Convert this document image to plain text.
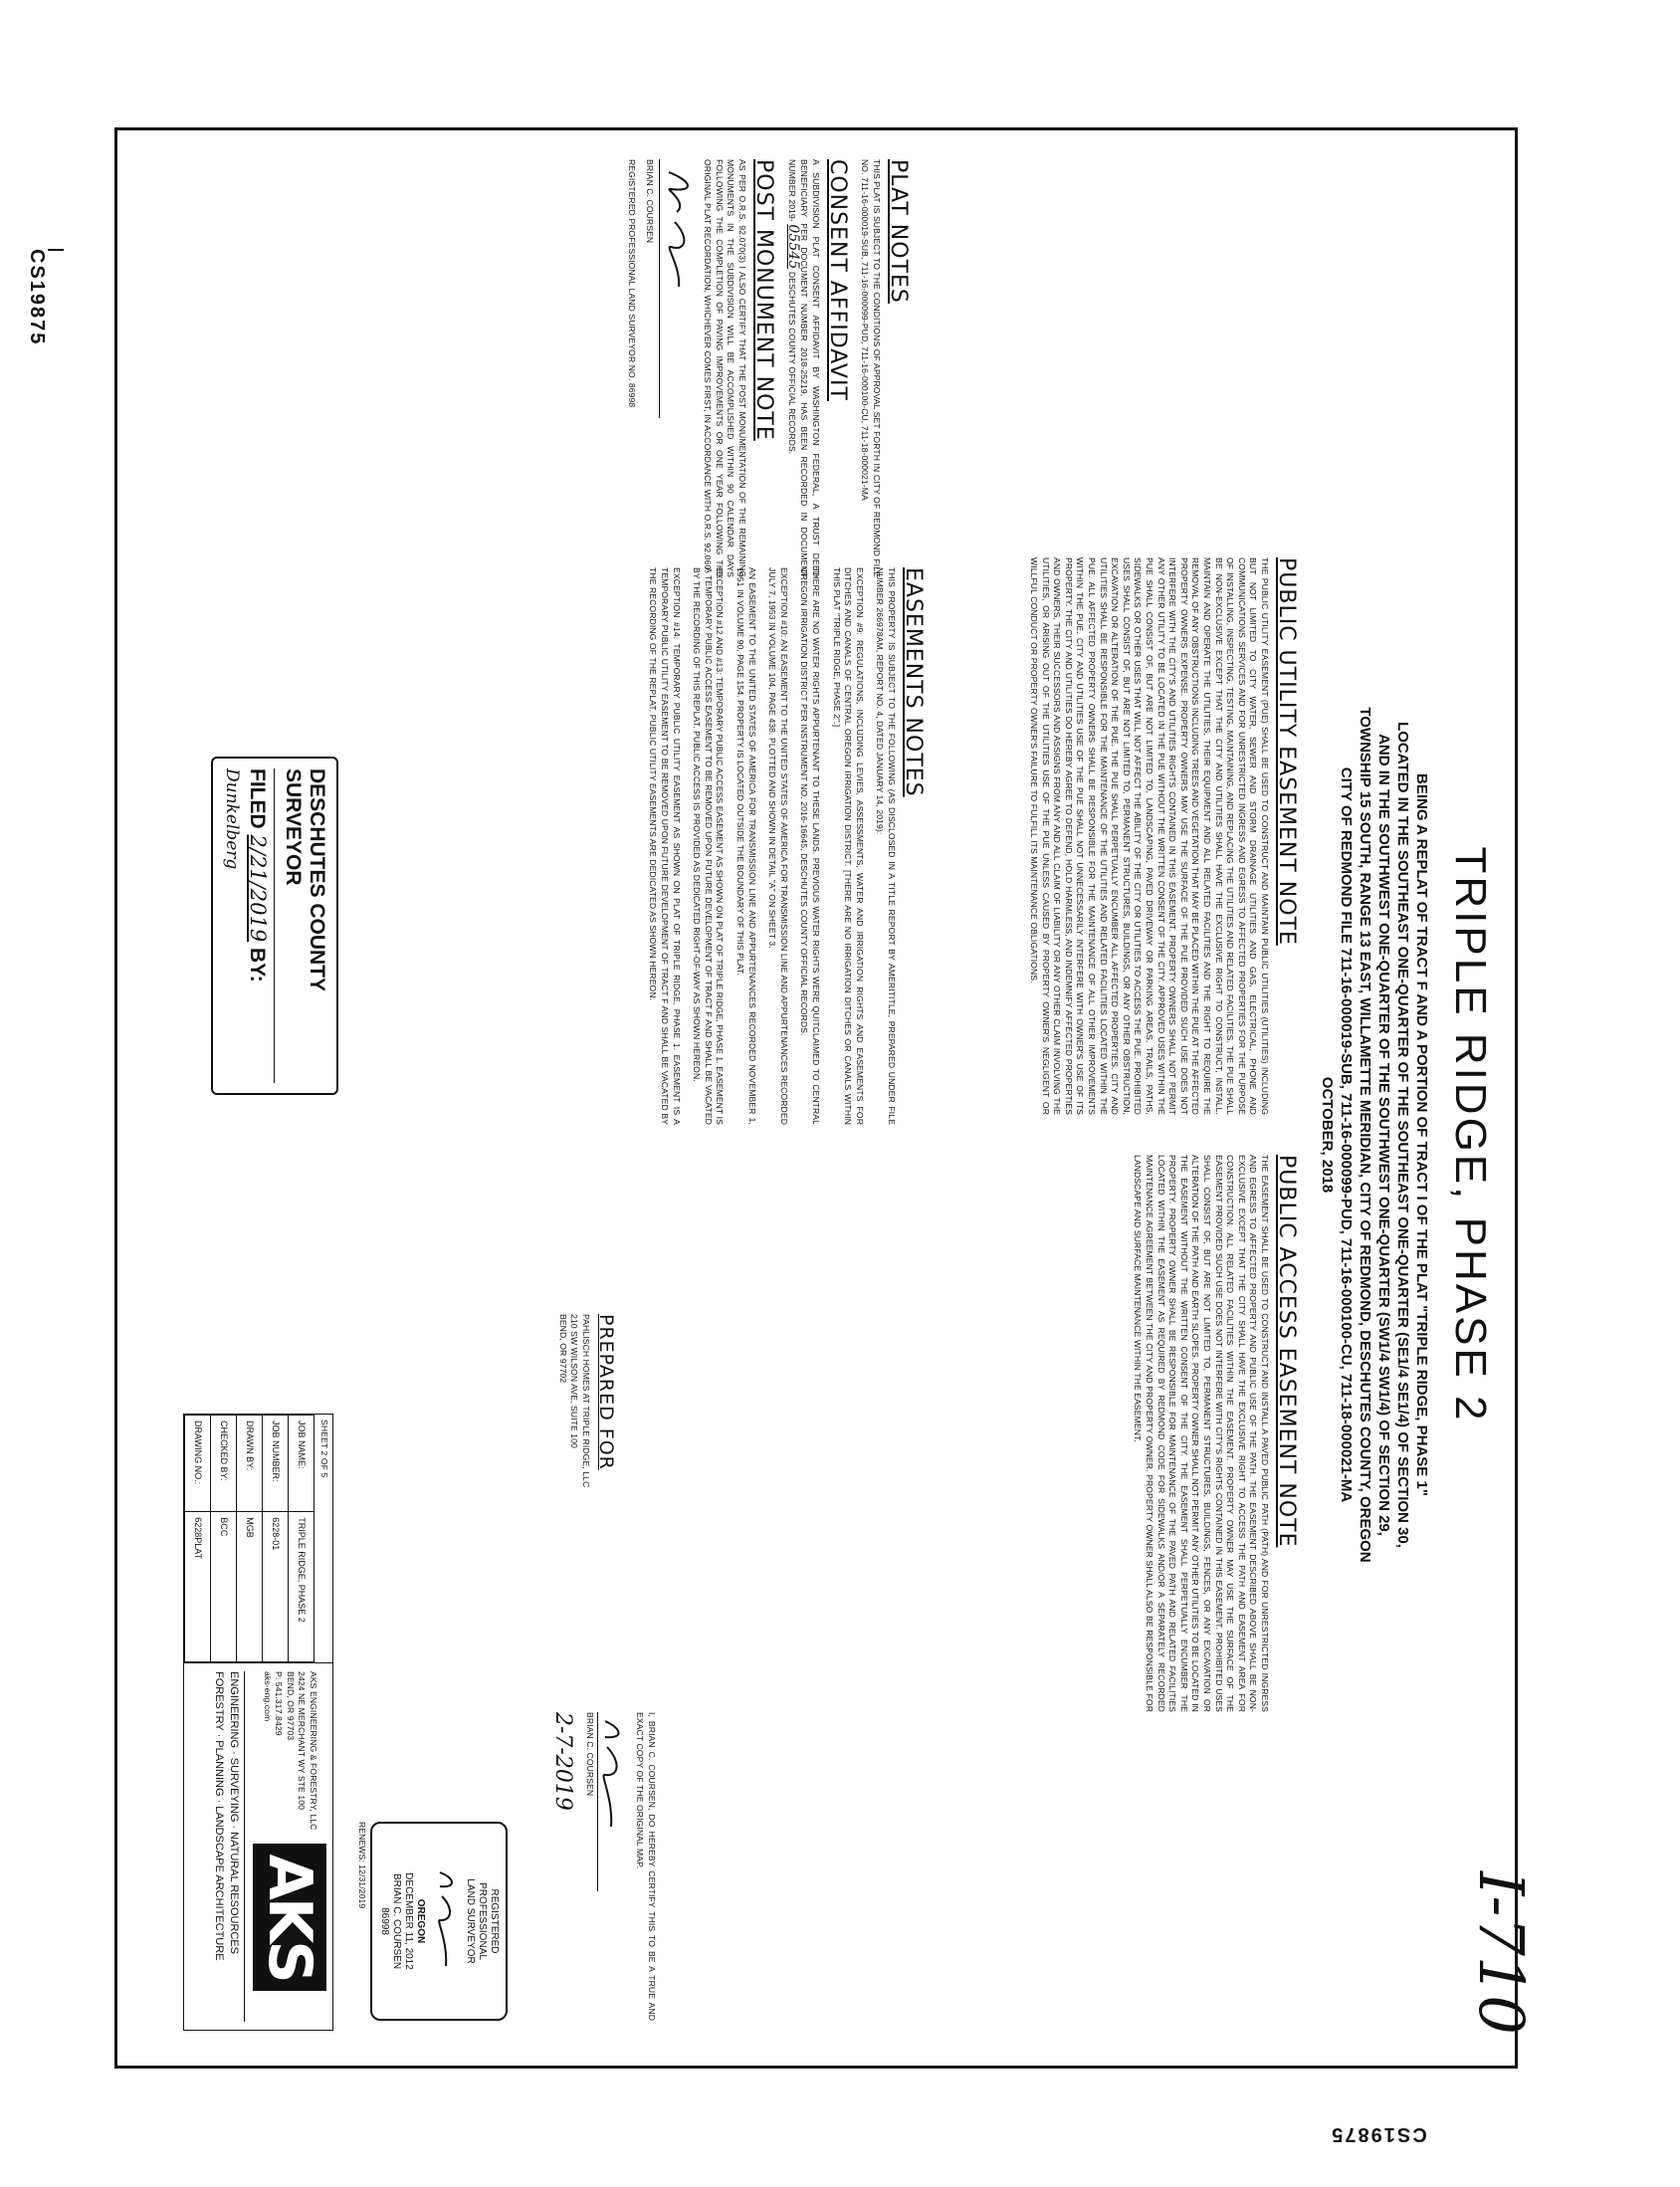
CS19875
I-710
CS19875
TRIPLE RIDGE, PHASE 2
BEING A REPLAT OF TRACT F AND A PORTION OF TRACT I OF THE PLAT "TRIPLE RIDGE, PHASE 1"
LOCATED IN THE SOUTHEAST ONE-QUARTER OF THE SOUTHEAST ONE-QUARTER (SE1/4 SE1/4) OF SECTION 30,
AND IN THE SOUTHWEST ONE-QUARTER OF THE SOUTHWEST ONE-QUARTER (SW1/4 SW1/4) OF SECTION 29,
TOWNSHIP 15 SOUTH, RANGE 13 EAST, WILLAMETTE MERIDIAN, CITY OF REDMOND, DESCHUTES COUNTY, OREGON
CITY OF REDMOND FILE 711-16-000019-SUB, 711-16-000099-PUD, 711-16-000100-CU, 711-18-000021-MA
OCTOBER, 2018
PLAT NOTES

THIS PLAT IS SUBJECT TO THE CONDITIONS OF APPROVAL SET FORTH IN CITY OF REDMOND FILE NO. 711-16-000019-SUB, 711-16-000099-PUD, 711-16-000100-CU, 711-18-000021-MA

CONSENT AFFIDAVIT

A SUBDIVISION PLAT CONSENT AFFIDAVIT BY WASHINGTON FEDERAL, A TRUST DEED BENEFICIARY PER DOCUMENT NUMBER 2018-25219, HAS BEEN RECORDED IN DOCUMENT NUMBER 2019- 05545 DESCHUTES COUNTY OFFICIAL RECORDS.

POST MONUMENT NOTE

AS PER O.R.S. 92.070(3) I ALSO CERTIFY THAT THE POST MONUMENTATION OF THE REMAINING MONUMENTS IN THE SUBDIVISION WILL BE ACCOMPLISHED WITHIN 90 CALENDAR DAYS FOLLOWING THE COMPLETION OF PAVING IMPROVEMENTS OR ONE YEAR FOLLOWING THE ORIGINAL PLAT RECORDATION, WHICHEVER COMES FIRST, IN ACCORDANCE WITH O.R.S. 92.060.

BRIAN C. COURSEN
REGISTERED PROFESSIONAL LAND SURVEYOR NO. 86998
PUBLIC UTILITY EASEMENT NOTE

THE PUBLIC UTILITY EASEMENT (PUE) SHALL BE USED TO CONSTRUCT AND MAINTAIN PUBLIC UTILITIES (UTILITIES) INCLUDING BUT NOT LIMITED TO CITY WATER, SEWER AND STORM DRAINAGE UTILITIES AND GAS, ELECTRICAL, PHONE AND COMMUNICATIONS SERVICES AND FOR UNRESTRICTED INGRESS AND EGRESS TO AFFECTED PROPERTIES FOR THE PURPOSE OF INSTALLING, INSPECTING, TESTING, MAINTAINING, AND REPLACING THE UTILITIES AND RELATED FACILITIES. THE PUE SHALL BE NON-EXCLUSIVE EXCEPT THAT THE CITY AND UTILITIES SHALL HAVE THE EXCLUSIVE RIGHT TO CONSTRUCT, INSTALL, MAINTAIN AND OPERATE THE UTILITIES, THEIR EQUIPMENT AND ALL RELATED FACILITIES AND THE RIGHT TO REQUIRE THE REMOVAL OF ANY OBSTRUCTIONS INCLUDING TREES AND VEGETATION THAT MAY BE PLACED WITHIN THE PUE AT THE AFFECTED PROPERTY OWNERS EXPENSE. PROPERTY OWNERS MAY USE THE SURFACE OF THE PUE PROVIDED SUCH USE DOES NOT INTERFERE WITH THE CITY'S AND UTILITIES RIGHTS CONTAINED IN THIS EASEMENT. PROPERTY OWNERS SHALL NOT PERMIT ANY OTHER UTILITY TO BE LOCATED IN THE PUE WITHOUT THE WRITTEN CONSENT OF THE CITY. APPROVED USES WITHIN THE PUE SHALL CONSIST OF, BUT ARE NOT LIMITED TO, LANDSCAPING, PAVED DRIVEWAY OR PARKING AREAS, TRAILS, PATHS, SIDEWALKS OR OTHER USES THAT WILL NOT AFFECT THE ABILITY OF THE CITY OR UTILITIES TO ACCESS THE PUE. PROHIBITED USES SHALL CONSIST OF, BUT ARE NOT LIMITED TO, PERMANENT STRUCTURES, BUILDINGS, OR ANY OTHER OBSTRUCTION, EXCAVATION OR ALTERATION OF THE PUE. THE PUE SHALL PERPETUALLY ENCUMBER ALL AFFECTED PROPERTIES. CITY AND UTILITIES SHALL BE RESPONSIBLE FOR THE MAINTENANCE OF THE UTILITIES AND RELATED FACILITIES LOCATED WITHIN THE PUE. ALL AFFECTED PROPERTY OWNERS SHALL BE RESPONSIBLE FOR THE MAINTENANCE OF ALL OTHER IMPROVEMENTS WITHIN THE PUE. CITY AND UTILITIES USE OF THE PUE SHALL NOT UNNECESSARILY INTERFERE WITH OWNER'S USE OF ITS PROPERTY. THE CITY AND UTILITIES DO HEREBY AGREE TO DEFEND, HOLD HARMLESS, AND INDEMNIFY AFFECTED PROPERTIES AND OWNERS, THEIR SUCCESSORS AND ASSIGNS FROM ANY AND ALL CLAIM OF LIABILITY OR ANY OTHER CLAIM INVOLVING THE UTILITIES, OR ARISING OUT OF THE UTILITIES USE OF THE PUE UNLESS CAUSED BY PROPERTY OWNER'S NEGLIGENT OR WILLFUL CONDUCT OR PROPERTY OWNER'S FAILURE TO FULFILL ITS MAINTENANCE OBLIGATIONS.

PUBLIC ACCESS EASEMENT NOTE

THE EASEMENT SHALL BE USED TO CONSTRUCT AND INSTALL A PAVED PUBLIC PATH (PATH) AND FOR UNRESTRICTED INGRESS AND EGRESS TO AFFECTED PROPERTY AND PUBLIC USE OF THE PATH. THE EASEMENT DESCRIBED ABOVE SHALL BE NON-EXCLUSIVE EXCEPT THAT THE CITY SHALL HAVE THE EXCLUSIVE RIGHT TO ACCESS THE PATH AND EASEMENT AREA FOR CONSTRUCTION. ALL RELATED FACILITIES WITHIN THE EASEMENT. PROPERTY OWNER MAY USE THE SURFACE OF THE EASEMENT PROVIDED SUCH USE DOES NOT INTERFERE WITH CITY'S RIGHTS CONTAINED IN THIS EASEMENT. PROHIBITED USES SHALL CONSIST OF, BUT ARE NOT LIMITED TO, PERMANENT STRUCTURES, BUILDINGS, FENCES, OR ANY EXCAVATION OR ALTERATION OF THE PATH AND EARTH SLOPES. PROPERTY OWNER SHALL NOT PERMIT ANY OTHER UTILITIES TO BE LOCATED IN THE EASEMENT WITHOUT THE WRITTEN CONSENT OF THE CITY. THE EASEMENT SHALL PERPETUALLY ENCUMBER THE PROPERTY. PROPERTY OWNER SHALL BE RESPONSIBLE FOR MAINTENANCE OF THE PAVED PATH AND RELATED FACILITIES LOCATED WITHIN THE EASEMENT AS REQUIRED BY REDMOND CODE FOR SIDEWALKS AND/OR A SEPARATELY RECORDED MAINTENANCE AGREEMENT BETWEEN THE CITY AND PROPERTY OWNER. PROPERTY OWNER SHALL ALSO BE RESPONSIBLE FOR LANDSCAPE AND SURFACE MAINTENANCE WITHIN THE EASEMENT.

EASEMENTS NOTES

THIS PROPERTY IS SUBJECT TO THE FOLLOWING (AS DISCLOSED IN A TITLE REPORT BY AMERITITLE, PREPARED UNDER FILE NUMBER 266978AM, REPORT NO. 4, DATED JANUARY 14, 2019):

EXCEPTION #9: REGULATIONS, INCLUDING LEVIES, ASSESSMENTS, WATER AND IRRIGATION RIGHTS AND EASEMENTS FOR DITCHES AND CANALS OF CENTRAL OREGON IRRIGATION DISTRICT. [THERE ARE NO IRRIGATION DITCHES OR CANALS WITHIN THIS PLAT "TRIPLE RIDGE, PHASE 2".]

THERE ARE NO WATER RIGHTS APPURTENANT TO THESE LANDS. PREVIOUS WATER RIGHTS WERE QUITCLAIMED TO CENTRAL OREGON IRRIGATION DISTRICT PER INSTRUMENT NO. 2016-16645, DESCHUTES COUNTY OFFICIAL RECORDS.

EXCEPTION #10: AN EASEMENT TO THE UNITED STATES OF AMERICA FOR TRANSMISSION LINE AND APPURTENANCES RECORDED JULY 7, 1953 IN VOLUME 104, PAGE 438. PLOTTED AND SHOWN IN DETAIL "A" ON SHEET 3.

AN EASEMENT TO THE UNITED STATES OF AMERICA FOR TRANSMISSION LINE AND APPURTENANCES RECORDED NOVEMBER 1, 1951 IN VOLUME 90, PAGE 154. PROPERTY IS LOCATED OUTSIDE THE BOUNDARY OF THIS PLAT.

EXCEPTION #12 AND #13: TEMPORARY PUBLIC ACCESS EASEMENT AS SHOWN ON PLAT OF TRIPLE RIDGE, PHASE 1. EASEMENT IS A TEMPORARY PUBLIC ACCESS EASEMENT TO BE REMOVED UPON FUTURE DEVELOPMENT OF TRACT F AND SHALL BE VACATED BY THE RECORDING OF THIS REPLAT. PUBLIC ACCESS IS PROVIDED AS DEDICATED RIGHT-OF-WAY AS SHOWN HEREON.

EXCEPTION #14: TEMPORARY PUBLIC UTILITY EASEMENT AS SHOWN ON PLAT OF TRIPLE RIDGE, PHASE 1. EASEMENT IS A TEMPORARY PUBLIC UTILITY EASEMENT TO BE REMOVED UPON FUTURE DEVELOPMENT OF TRACT F AND SHALL BE VACATED BY THE RECORDING OF THE REPLAT. PUBLIC UTILITY EASEMENTS ARE DEDICATED AS SHOWN HEREON.

DESCHUTES COUNTY SURVEYOR
FILED 2/21/2019 BY: Dunkelberg
PREPARED FOR
PAHLISCH HOMES AT TRIPLE RIDGE, LLC
210 SW WILSON AVE, SUITE 100
BEND, OR 97702

I, BRIAN C. COURSEN, DO HEREBY CERTIFY THIS TO BE A TRUE AND EXACT COPY OF THE ORIGINAL MAP.

BRIAN C. COURSEN
2-7-2019
REGISTERED
PROFESSIONAL
LAND SURVEYOR
OREGON
DECEMBER 11, 2012
BRIAN C. COURSEN
86998
RENEWS: 12/31/2019
SHEET 2 OF 5
JOB NAME:	TRIPLE RIDGE, PHASE 2
JOB NUMBER:	6228-01
DRAWN BY:	MGB
CHECKED BY:	BCC
DRAWING NO.:	6228PLAT
AKS ENGINEERING & FORESTRY, LLC
2424 NE MERCHANT WY STE 100
BEND, OR 97703
P: 541.317.8429
aks-eng.com
AKS
ENGINEERING · SURVEYING · NATURAL RESOURCES
FORESTRY · PLANNING · LANDSCAPE ARCHITECTURE
